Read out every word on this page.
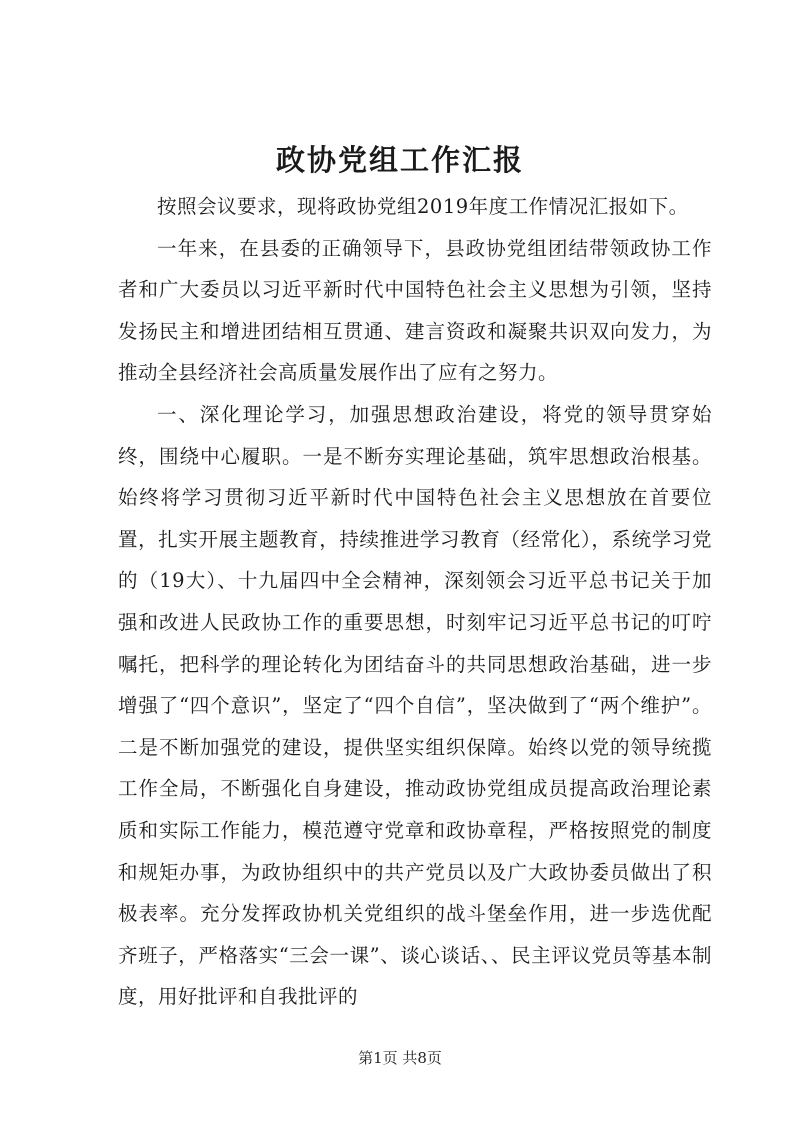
政协党组工作汇报

按照会议要求，现将政协党组2019年度工作情况汇报如下。

一年来，在县委的正确领导下，县政协党组团结带领政协工作者和广大委员以习近平新时代中国特色社会主义思想为引领，坚持发扬民主和增进团结相互贯通、建言资政和凝聚共识双向发力，为推动全县经济社会高质量发展作出了应有之努力。

一、深化理论学习，加强思想政治建设，将党的领导贯穿始终，围绕中心履职。一是不断夯实理论基础，筑牢思想政治根基。始终将学习贯彻习近平新时代中国特色社会主义思想放在首要位置，扎实开展主题教育，持续推进学习教育（经常化），系统学习党的（19大）、十九届四中全会精神，深刻领会习近平总书记关于加强和改进人民政协工作的重要思想，时刻牢记习近平总书记的叮咛嘱托，把科学的理论转化为团结奋斗的共同思想政治基础，进一步增强了“四个意识”，坚定了“四个自信”，坚决做到了“两个维护”。二是不断加强党的建设，提供坚实组织保障。始终以党的领导统揽工作全局，不断强化自身建设，推动政协党组成员提高政治理论素质和实际工作能力，模范遵守党章和政协章程，严格按照党的制度和规矩办事，为政协组织中的共产党员以及广大政协委员做出了积极表率。充分发挥政协机关党组织的战斗堡垒作用，进一步选优配齐班子，严格落实“三会一课”、谈心谈话、、民主评议党员等基本制度，用好批评和自我批评的

第1页 共8页
